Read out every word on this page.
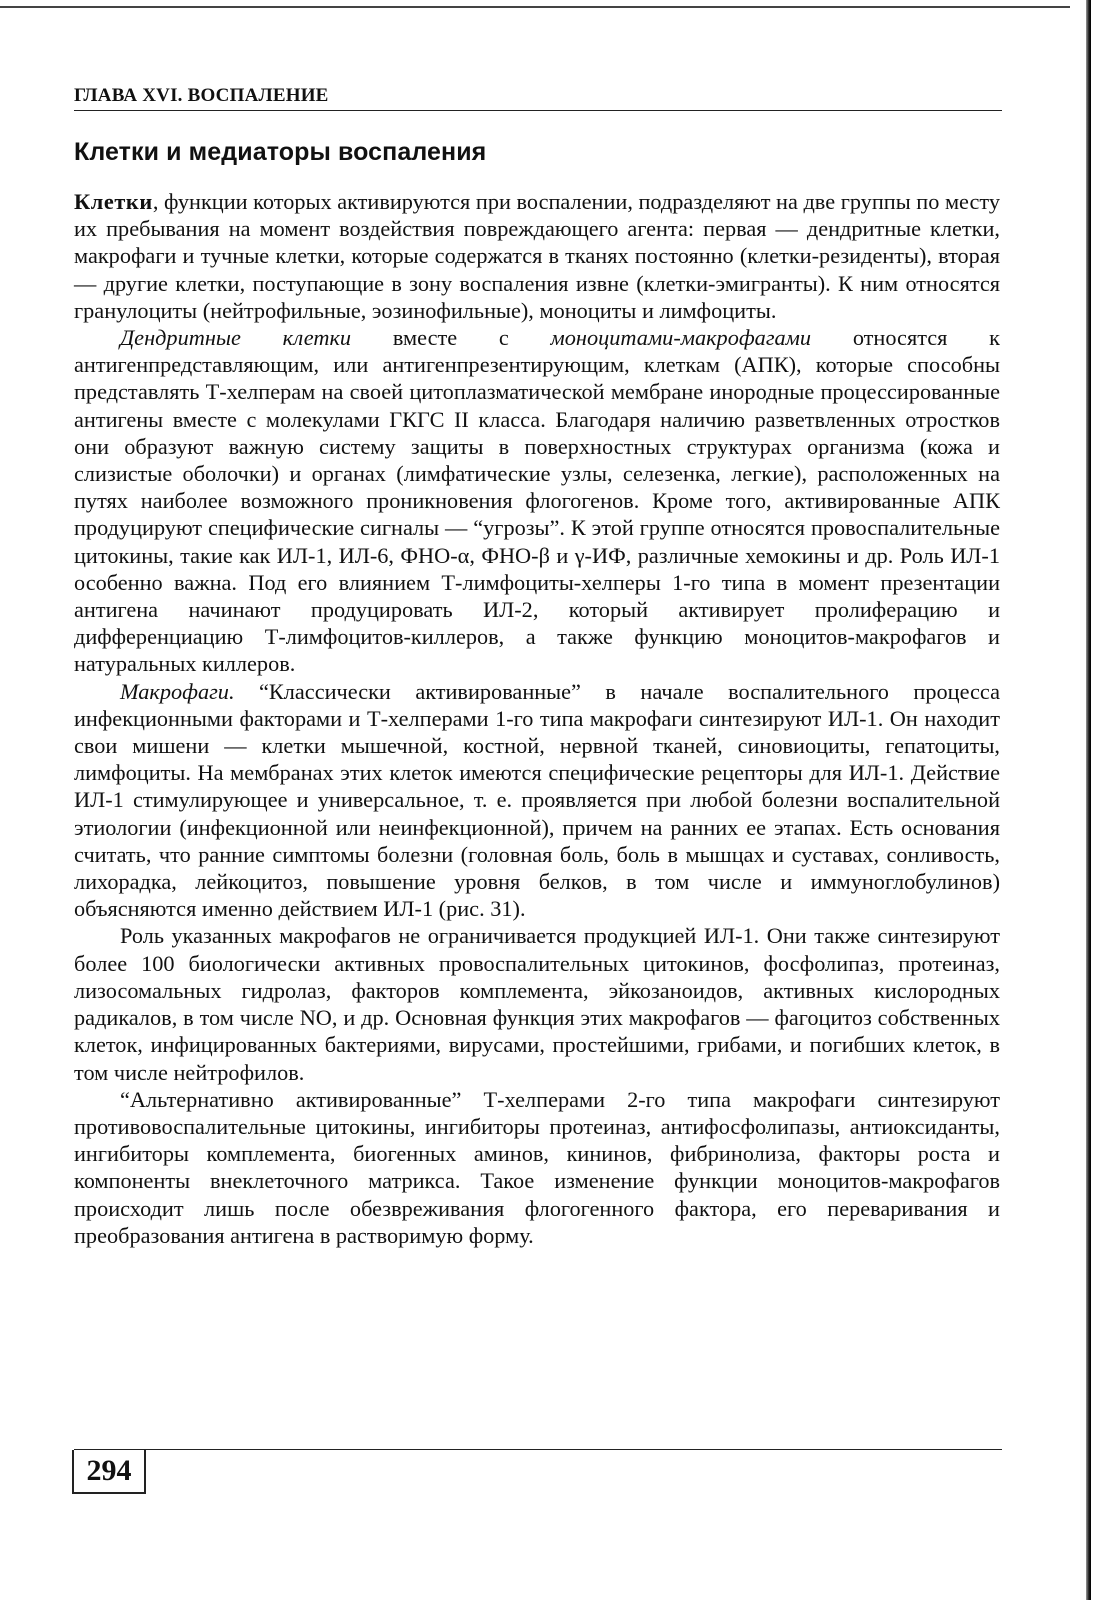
ГЛАВА XVI. ВОСПАЛЕНИЕ
Клетки и медиаторы воспаления

Клетки, функции которых активируются при воспалении, подразделяют на две группы по месту их пребывания на момент воздействия повреждающего агента: первая — дендритные клетки, макрофаги и тучные клетки, которые содержатся в тканях постоянно (клетки-резиденты), вторая — другие клетки, поступающие в зону воспаления извне (клетки-эмигранты). К ним относятся гранулоциты (нейтрофильные, эозинофильные), моноциты и лимфоциты.

Дендритные клетки вместе с моноцитами-макрофагами относятся к антигенпредставляющим, или антигенпрезентирующим, клеткам (АПК), которые способны представлять Т-хелперам на своей цитоплазматической мембране инородные процессированные антигены вместе с молекулами ГКГС II класса. Благодаря наличию разветвленных отростков они образуют важную систему защиты в поверхностных структурах организма (кожа и слизистые оболочки) и органах (лимфатические узлы, селезенка, легкие), расположенных на путях наиболее возможного проникновения флогогенов. Кроме того, активированные АПК продуцируют специфические сигналы — “угрозы”. К этой группе относятся провоспалительные цитокины, такие как ИЛ-1, ИЛ-6, ФНО-α, ФНО-β и γ-ИФ, различные хемокины и др. Роль ИЛ-1 особенно важна. Под его влиянием Т-лимфоциты-хелперы 1-го типа в момент презентации антигена начинают продуцировать ИЛ-2, который активирует пролиферацию и дифференциацию Т-лимфоцитов-киллеров, а также функцию моноцитов-макрофагов и натуральных киллеров.

Макрофаги. “Классически активированные” в начале воспалительного процесса инфекционными факторами и Т-хелперами 1-го типа макрофаги синтезируют ИЛ-1. Он находит свои мишени — клетки мышечной, костной, нервной тканей, синовиоциты, гепатоциты, лимфоциты. На мембранах этих клеток имеются специфические рецепторы для ИЛ-1. Действие ИЛ-1 стимулирующее и универсальное, т. е. проявляется при любой болезни воспалительной этиологии (инфекционной или неинфекционной), причем на ранних ее этапах. Есть основания считать, что ранние симптомы болезни (головная боль, боль в мышцах и суставах, сонливость, лихорадка, лейкоцитоз, повышение уровня белков, в том числе и иммуноглобулинов) объясняются именно действием ИЛ-1 (рис. 31).

Роль указанных макрофагов не ограничивается продукцией ИЛ-1. Они также синтезируют более 100 биологически активных провоспалительных цитокинов, фосфолипаз, протеиназ, лизосомальных гидролаз, факторов комплемента, эйкозаноидов, активных кислородных радикалов, в том числе NO, и др. Основная функция этих макрофагов — фагоцитоз собственных клеток, инфицированных бактериями, вирусами, простейшими, грибами, и погибших клеток, в том числе нейтрофилов.

“Альтернативно активированные” Т-хелперами 2-го типа макрофаги синтезируют противовоспалительные цитокины, ингибиторы протеиназ, антифосфолипазы, антиоксиданты, ингибиторы комплемента, биогенных аминов, кининов, фибринолиза, факторы роста и компоненты внеклеточного матрикса. Такое изменение функции моноцитов-макрофагов происходит лишь после обезвреживания флогогенного фактора, его переваривания и преобразования антигена в растворимую форму.

294
